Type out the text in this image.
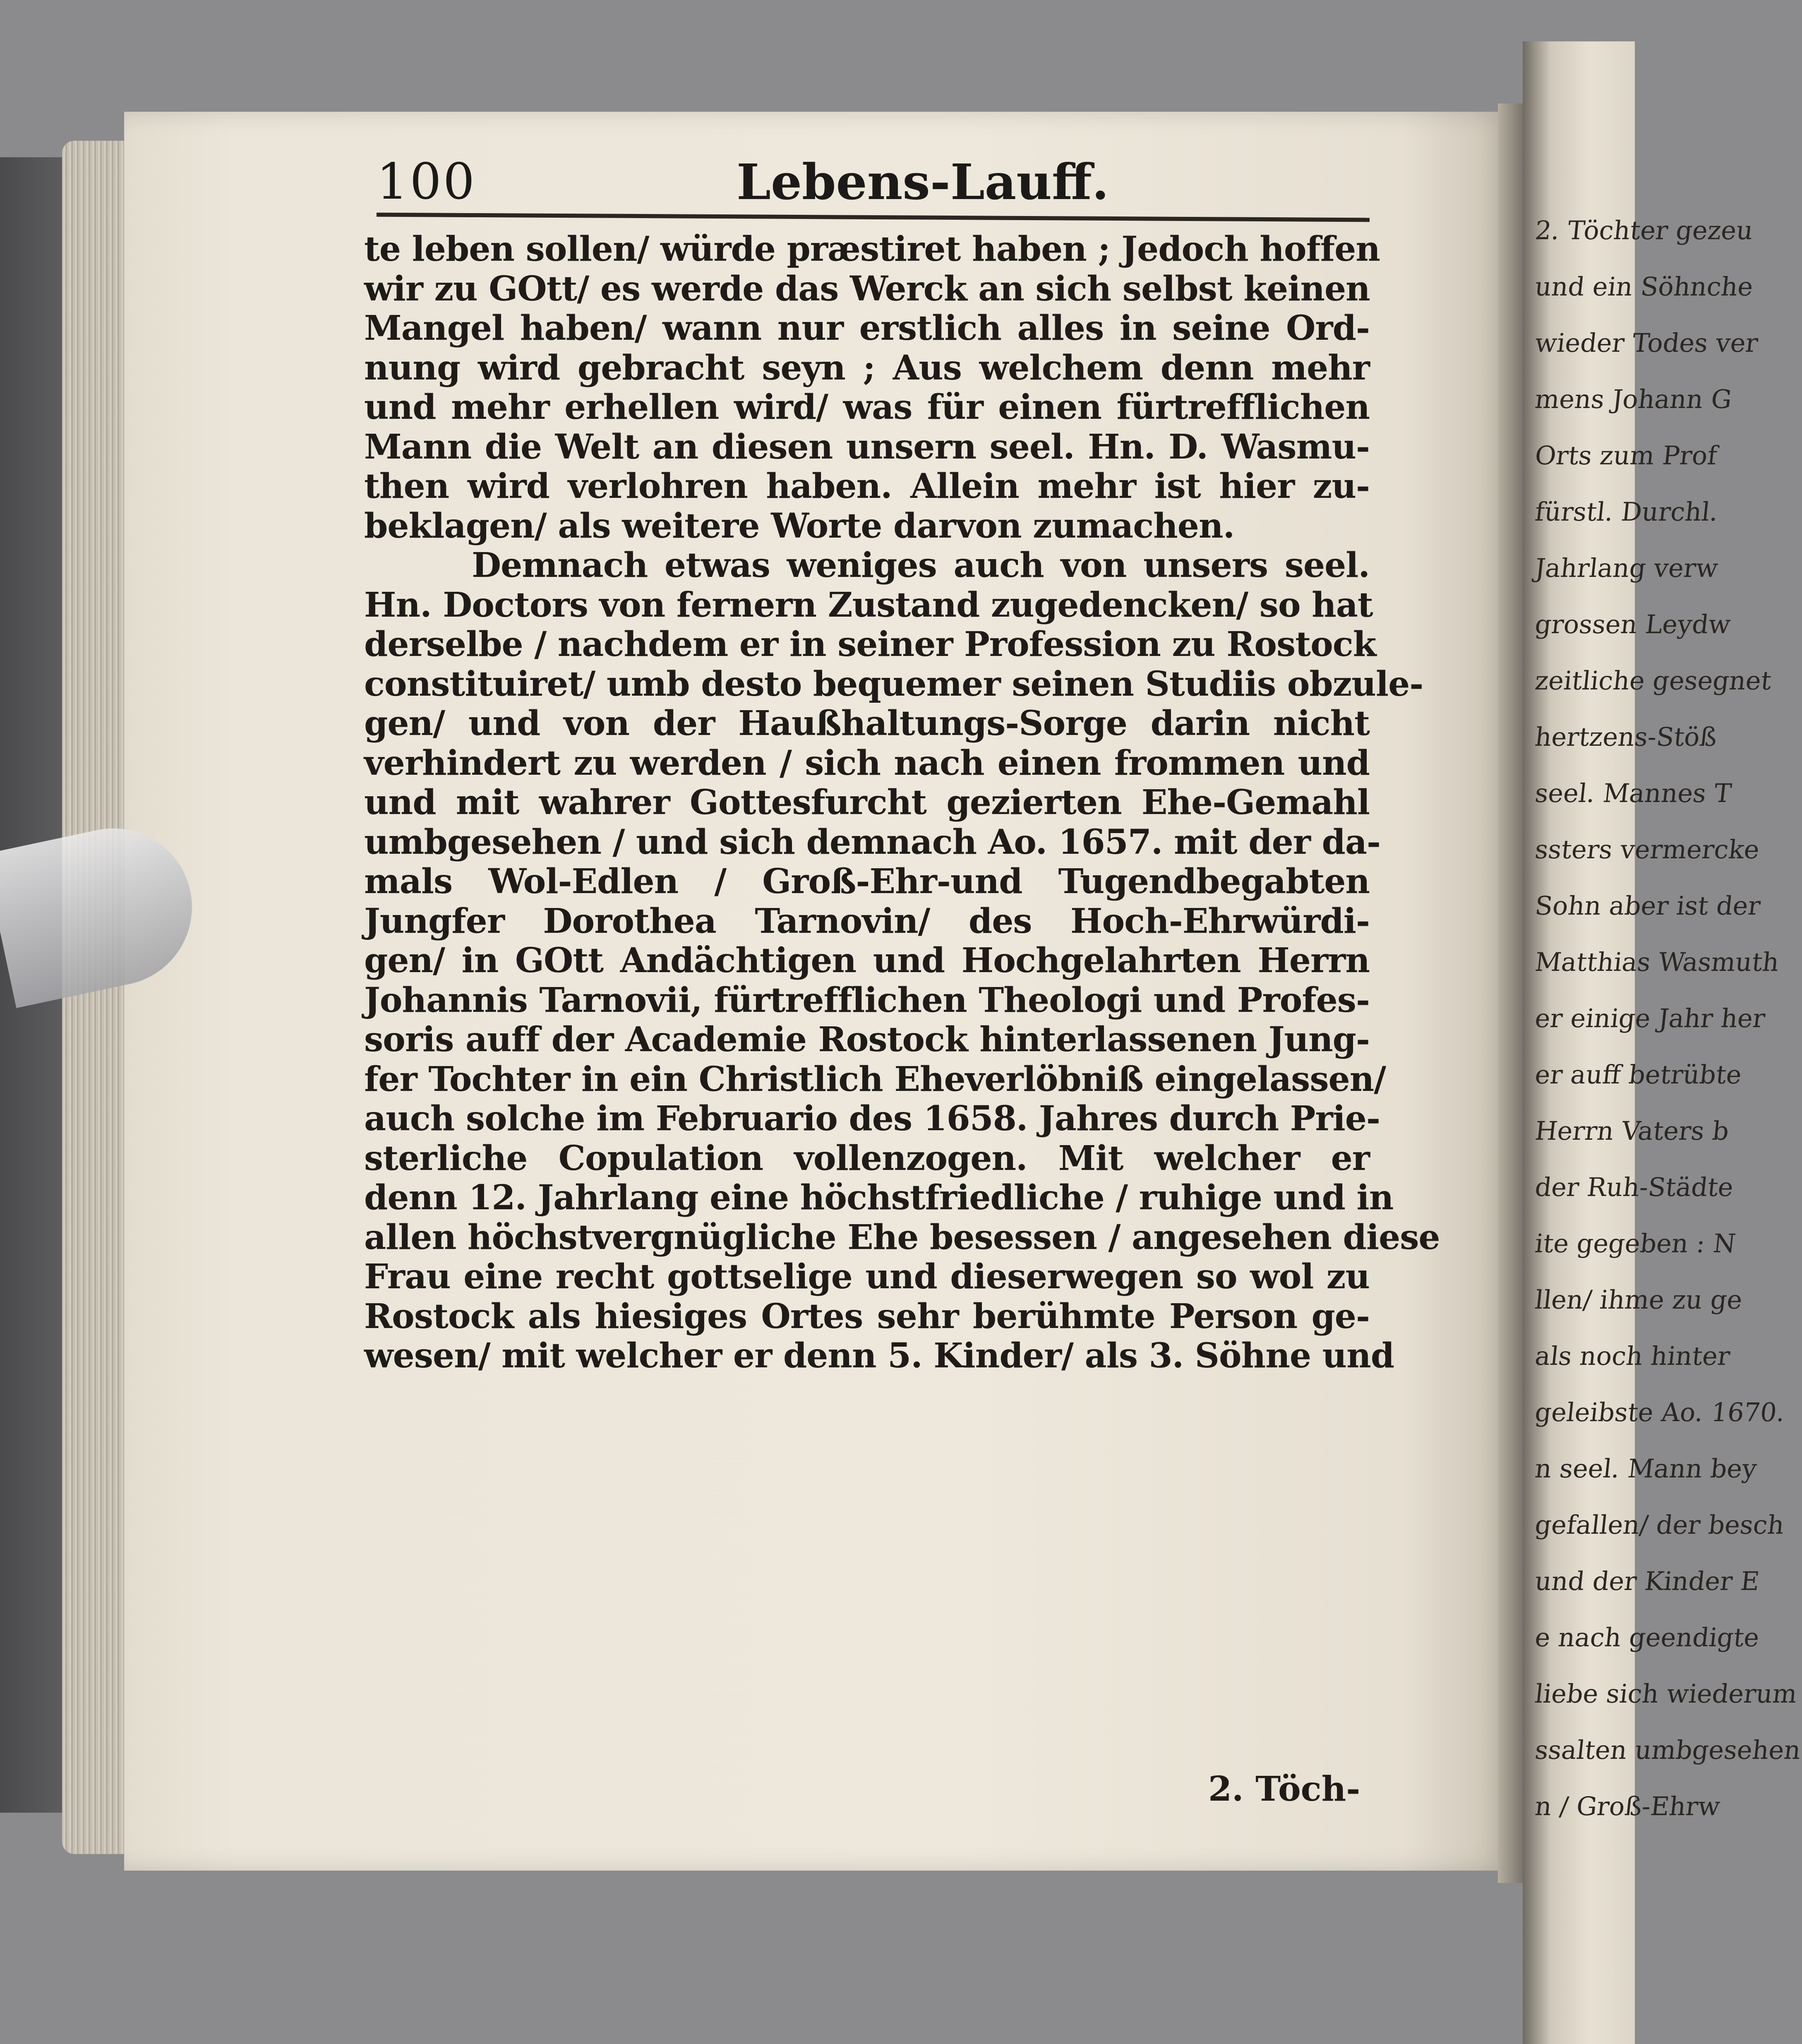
2. Töchter gezeu
und ein Söhnche
wieder Todes ver
mens Johann G
Orts zum Prof
fürstl. Durchl.
Jahrlang verw
grossen Leydw
zeitliche gesegnet
hertzens-Stöß
seel. Mannes T
ssters vermercke
Sohn aber ist der
Matthias Wasmuth
er einige Jahr her
er auff betrübte
Herrn Vaters b
der Ruh-Städte
ite gegeben : N
llen/ ihme zu ge
als noch hinter
geleibste Ao. 1670.
n seel. Mann bey
gefallen/ der besch
und der Kinder E
e nach geendigte
liebe sich wiederum
ssalten umbgesehen
n / Groß-Ehrw
100	Lebens-Lauff.
te leben sollen/ würde præstiret haben ; Jedoch hoffen
wir zu GOtt/ es werde das Werck an sich selbst keinen
Mangel haben/ wann nur erstlich alles in seine Ord-
nung wird gebracht seyn ; Aus welchem denn mehr
und mehr erhellen wird/ was für einen fürtrefflichen
Mann die Welt an diesen unsern seel. Hn. D. Wasmu-
then wird verlohren haben. Allein mehr ist hier zu-
beklagen/ als weitere Worte darvon zumachen.
Demnach etwas weniges auch von unsers seel.
Hn. Doctors von fernern Zustand zugedencken/ so hat
derselbe / nachdem er in seiner Profession zu Rostock
constituiret/ umb desto bequemer seinen Studiis obzule-
gen/ und von der Haußhaltungs-Sorge darin nicht
verhindert zu werden / sich nach einen frommen und
und mit wahrer Gottesfurcht gezierten Ehe-Gemahl
umbgesehen / und sich demnach Ao. 1657. mit der da-
mals Wol-Edlen / Groß-Ehr-und Tugendbegabten
Jungfer Dorothea Tarnovin/ des Hoch-Ehrwürdi-
gen/ in GOtt Andächtigen und Hochgelahrten Herrn
Johannis Tarnovii, fürtrefflichen Theologi und Profes-
soris auff der Academie Rostock hinterlassenen Jung-
fer Tochter in ein Christlich Eheverlöbniß eingelassen/
auch solche im Februario des 1658. Jahres durch Prie-
sterliche Copulation vollenzogen. Mit welcher er
denn 12. Jahrlang eine höchstfriedliche / ruhige und in
allen höchstvergnügliche Ehe besessen / angesehen diese
Frau eine recht gottselige und dieserwegen so wol zu
Rostock als hiesiges Ortes sehr berühmte Person ge-
wesen/ mit welcher er denn 5. Kinder/ als 3. Söhne und
2. Töch-
